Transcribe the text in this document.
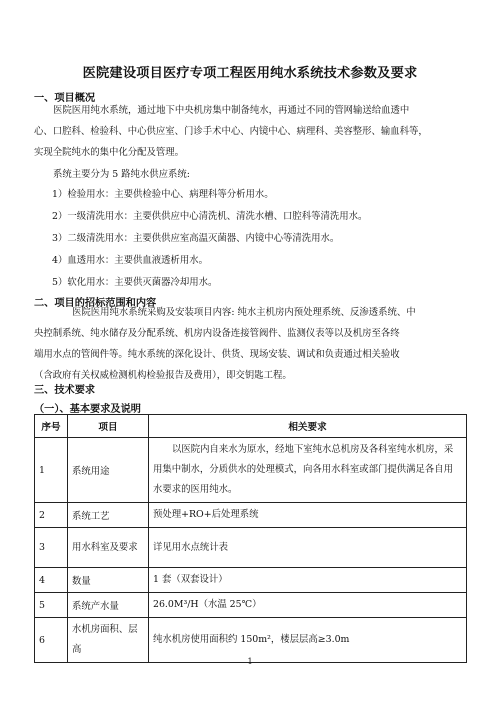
医院建设项目医疗专项工程医用纯水系统技术参数及要求
一、项目概况
医院医用纯水系统，通过地下中央机房集中制备纯水，再通过不同的管网输送给血透中
心、口腔科、检验科、中心供应室、门诊手术中心、内镜中心、病理科、美容整形、输血科等，
实现全院纯水的集中化分配及管理。
系统主要分为 5 路纯水供应系统:
1）检验用水：主要供检验中心、病理科等分析用水。
2）一级清洗用水：主要供供应中心清洗机、清洗水槽、口腔科等清洗用水。
3）二级清洗用水：主要供供应室高温灭菌器、内镜中心等清洗用水。
4）血透用水：主要供血液透析用水。
5）软化用水：主要供灭菌器冷却用水。
二、项目的招标范围和内容
医院医用纯水系统采购及安装项目内容: 纯水主机房内预处理系统、反渗透系统、中
央控制系统、纯水储存及分配系统、机房内设备连接管阀件、监测仪表等以及机房至各终
端用水点的管阀件等。纯水系统的深化设计、供货、现场安装、调试和负责通过相关验收
（含政府有关权威检测机构检验报告及费用），即交钥匙工程。
三、技术要求
（一）、基本要求及说明
序号	项目	相关要求
1	系统用途	以医院内自来水为原水，经地下室纯水总机房及各科室纯水机房，采用集中制水，分质供水的处理模式，向各用水科室或部门提供满足各自用水要求的医用纯水。
2	系统工艺	预处理+RO+后处理系统
3	用水科室及要求	详见用水点统计表
4	数量	1 套（双套设计）
5	系统产水量	26.0M³/H（水温 25℃）
6	水机房面积、层高	纯水机房使用面积约 150m²，楼层层高≥3.0m
1
